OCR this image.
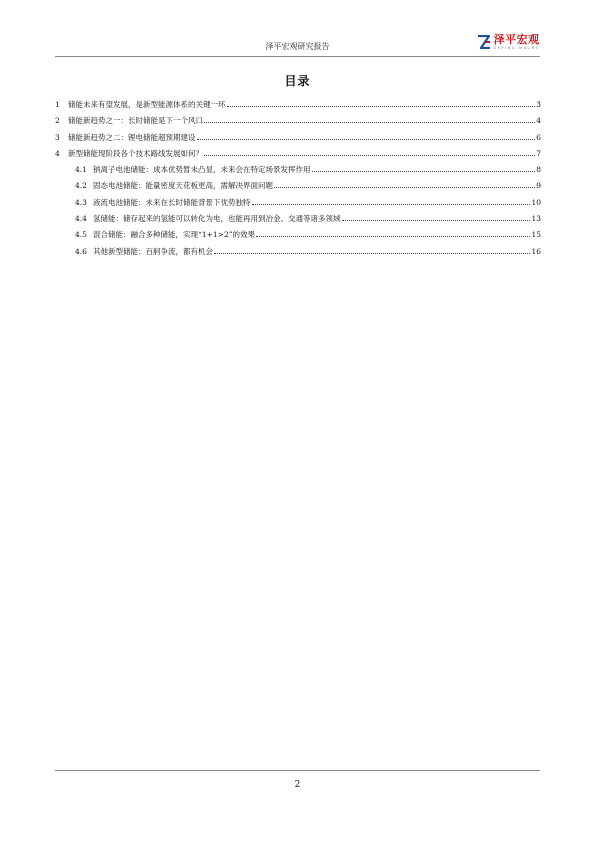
泽平宏观研究报告
泽平宏观
ZEPING MACRO
目录
1	储能未来有望发展，是新型能源体系的关键一环	3
2	储能新趋势之一：长时储能是下一个风口	4
3	储能新趋势之二：锂电储能超预期建设	6
4	新型储能现阶段各个技术路线发展如何？	7
4.1 钠离子电池储能：成本优势暂未凸显，未来会在特定场景发挥作用	8
4.2 固态电池储能：能量密度天花板更高，需解决界面问题	9
4.3 液流电池储能：未来在长时储能背景下优势独特	10
4.4 氢储能：储存起来的氢能可以转化为电，也能再用到冶金、交通等诸多领域	13
4.5 混合储能：融合多种储能，实现“1+1>2”的效果	15
4.6 其他新型储能：百舸争流，都有机会	16
2
